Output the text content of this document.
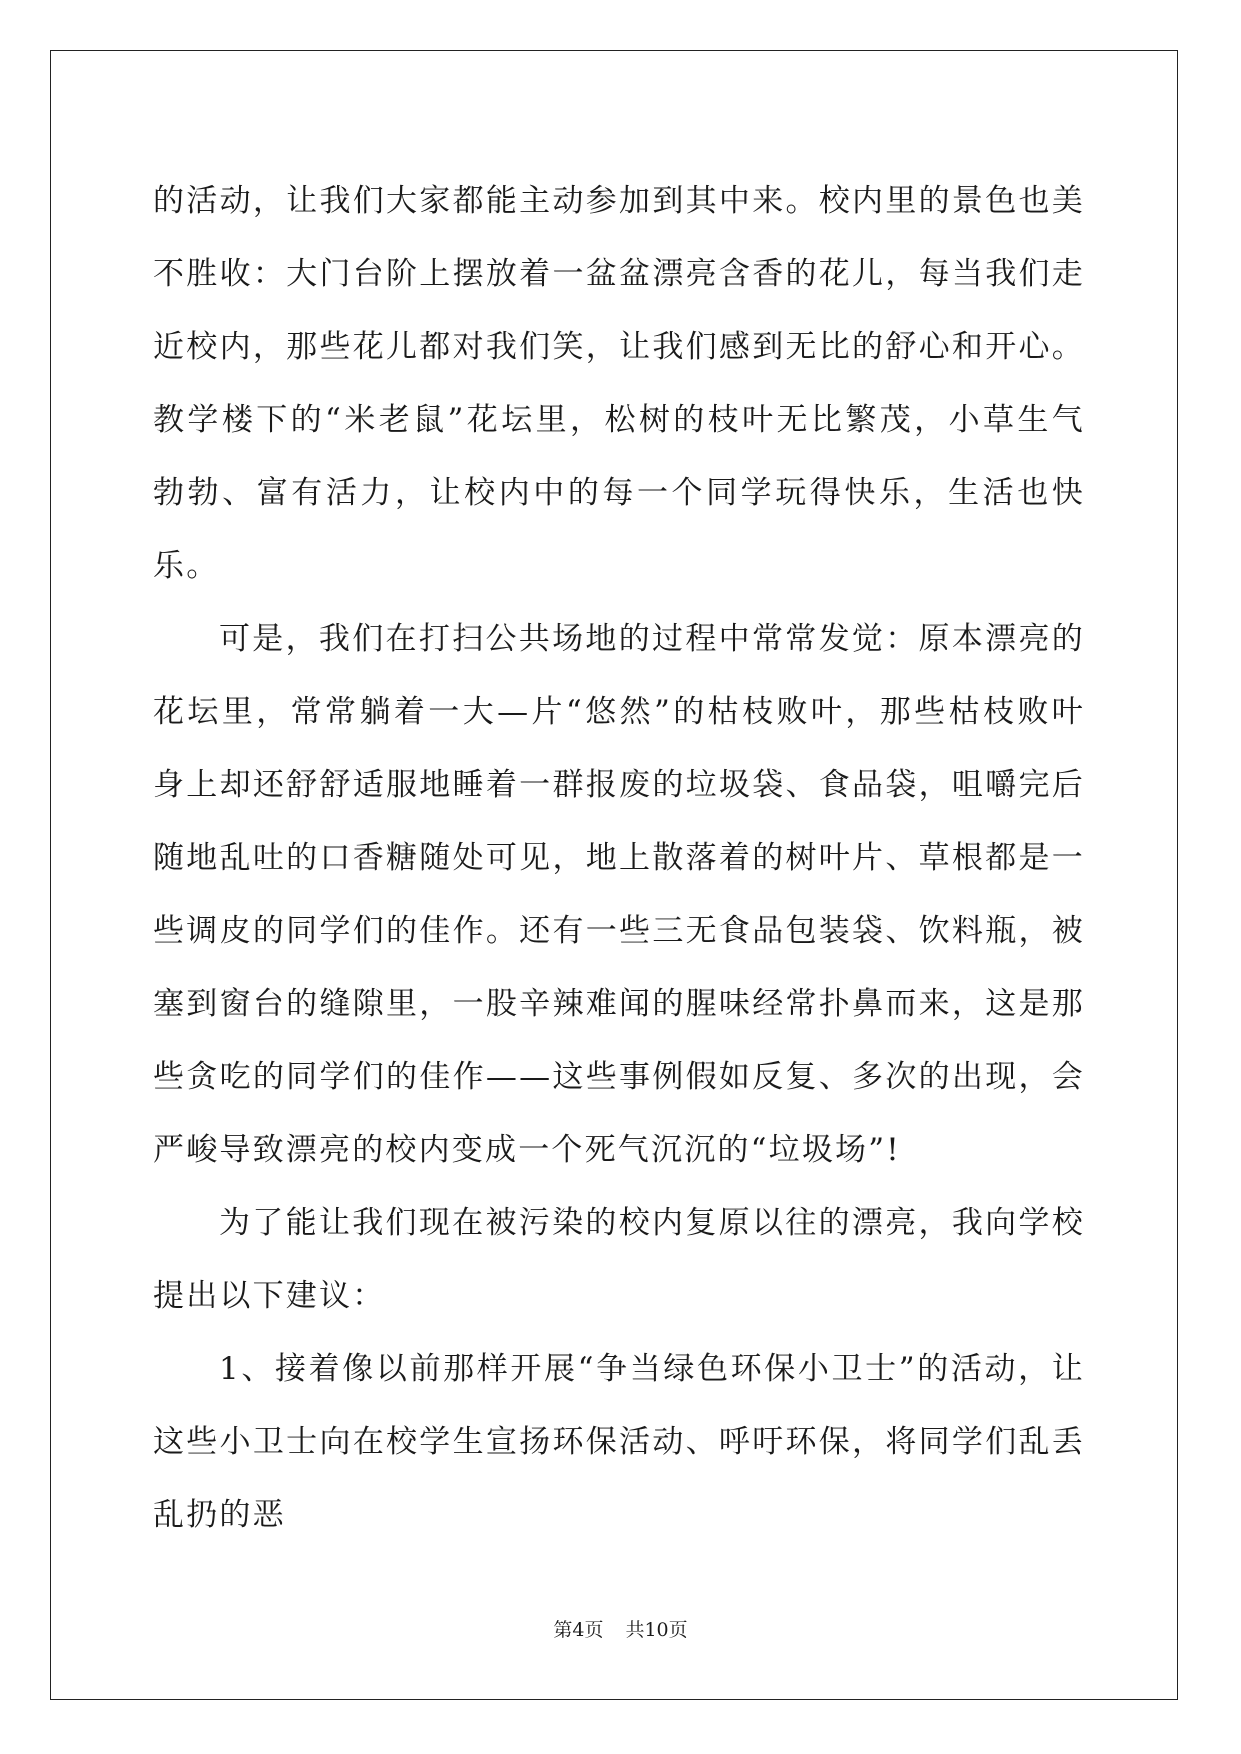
的活动，让我们大家都能主动参加到其中来。校内里的景色也美不胜收：大门台阶上摆放着一盆盆漂亮含香的花儿，每当我们走近校内，那些花儿都对我们笑，让我们感到无比的舒心和开心。教学楼下的“米老鼠”花坛里，松树的枝叶无比繁茂，小草生气勃勃、富有活力，让校内中的每一个同学玩得快乐，生活也快乐。

可是，我们在打扫公共场地的过程中常常发觉：原本漂亮的花坛里，常常躺着一大—片“悠然”的枯枝败叶，那些枯枝败叶身上却还舒舒适服地睡着一群报废的垃圾袋、食品袋，咀嚼完后随地乱吐的口香糖随处可见，地上散落着的树叶片、草根都是一些调皮的同学们的佳作。还有一些三无食品包装袋、饮料瓶，被塞到窗台的缝隙里，一股辛辣难闻的腥味经常扑鼻而来，这是那些贪吃的同学们的佳作——这些事例假如反复、多次的出现，会严峻导致漂亮的校内变成一个死气沉沉的“垃圾场”!

为了能让我们现在被污染的校内复原以往的漂亮，我向学校提出以下建议：

1、接着像以前那样开展“争当绿色环保小卫士”的活动，让这些小卫士向在校学生宣扬环保活动、呼吁环保，将同学们乱丢乱扔的恶

第4页 共10页
